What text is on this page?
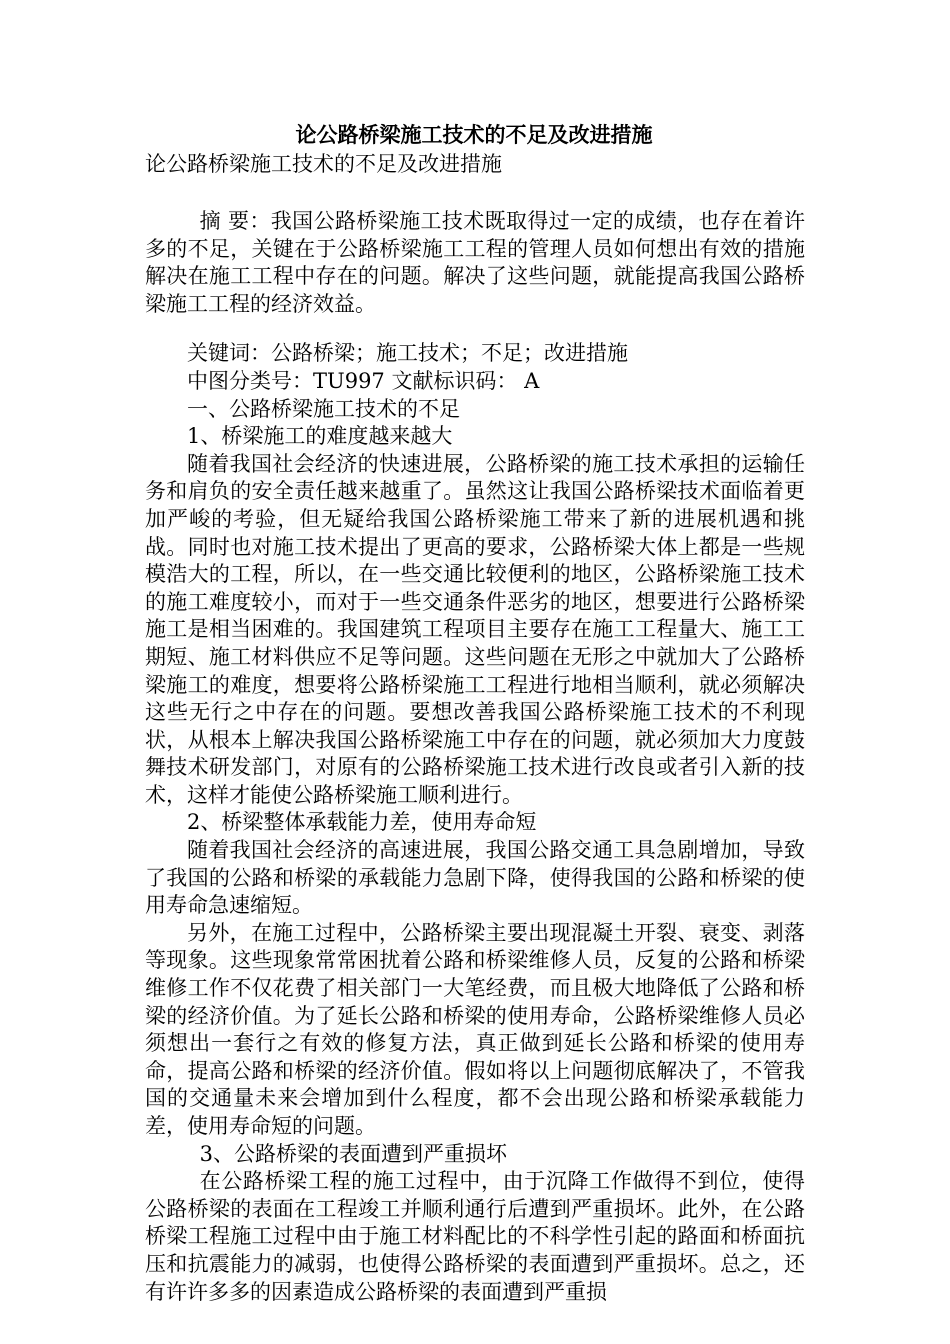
论公路桥梁施工技术的不足及改进措施
论公路桥梁施工技术的不足及改进措施

摘 要：我国公路桥梁施工技术既取得过一定的成绩，也存在着许多的不足，关键在于公路桥梁施工工程的管理人员如何想出有效的措施解决在施工工程中存在的问题。解决了这些问题，就能提高我国公路桥梁施工工程的经济效益。

关键词：公路桥梁；施工技术；不足；改进措施

中图分类号：TU997 文献标识码： A

一、公路桥梁施工技术的不足

1、桥梁施工的难度越来越大

随着我国社会经济的快速进展，公路桥梁的施工技术承担的运输任务和肩负的安全责任越来越重了。虽然这让我国公路桥梁技术面临着更加严峻的考验，但无疑给我国公路桥梁施工带来了新的进展机遇和挑战。同时也对施工技术提出了更高的要求，公路桥梁大体上都是一些规模浩大的工程，所以，在一些交通比较便利的地区，公路桥梁施工技术的施工难度较小，而对于一些交通条件恶劣的地区，想要进行公路桥梁施工是相当困难的。我国建筑工程项目主要存在施工工程量大、施工工期短、施工材料供应不足等问题。这些问题在无形之中就加大了公路桥梁施工的难度，想要将公路桥梁施工工程进行地相当顺利，就必须解决这些无行之中存在的问题。要想改善我国公路桥梁施工技术的不利现状，从根本上解决我国公路桥梁施工中存在的问题，就必须加大力度鼓舞技术研发部门，对原有的公路桥梁施工技术进行改良或者引入新的技术，这样才能使公路桥梁施工顺利进行。

2、桥梁整体承载能力差，使用寿命短

随着我国社会经济的高速进展，我国公路交通工具急剧增加，导致了我国的公路和桥梁的承载能力急剧下降，使得我国的公路和桥梁的使用寿命急速缩短。

另外，在施工过程中，公路桥梁主要出现混凝土开裂、衰变、剥落等现象。这些现象常常困扰着公路和桥梁维修人员，反复的公路和桥梁维修工作不仅花费了相关部门一大笔经费，而且极大地降低了公路和桥梁的经济价值。为了延长公路和桥梁的使用寿命，公路桥梁维修人员必须想出一套行之有效的修复方法，真正做到延长公路和桥梁的使用寿命，提高公路和桥梁的经济价值。假如将以上问题彻底解决了，不管我国的交通量未来会增加到什么程度，都不会出现公路和桥梁承载能力差，使用寿命短的问题。

3、公路桥梁的表面遭到严重损坏

在公路桥梁工程的施工过程中，由于沉降工作做得不到位，使得公路桥梁的表面在工程竣工并顺利通行后遭到严重损坏。此外，在公路桥梁工程施工过程中由于施工材料配比的不科学性引起的路面和桥面抗压和抗震能力的减弱，也使得公路桥梁的表面遭到严重损坏。总之，还有许许多多的因素造成公路桥梁的表面遭到严重损
